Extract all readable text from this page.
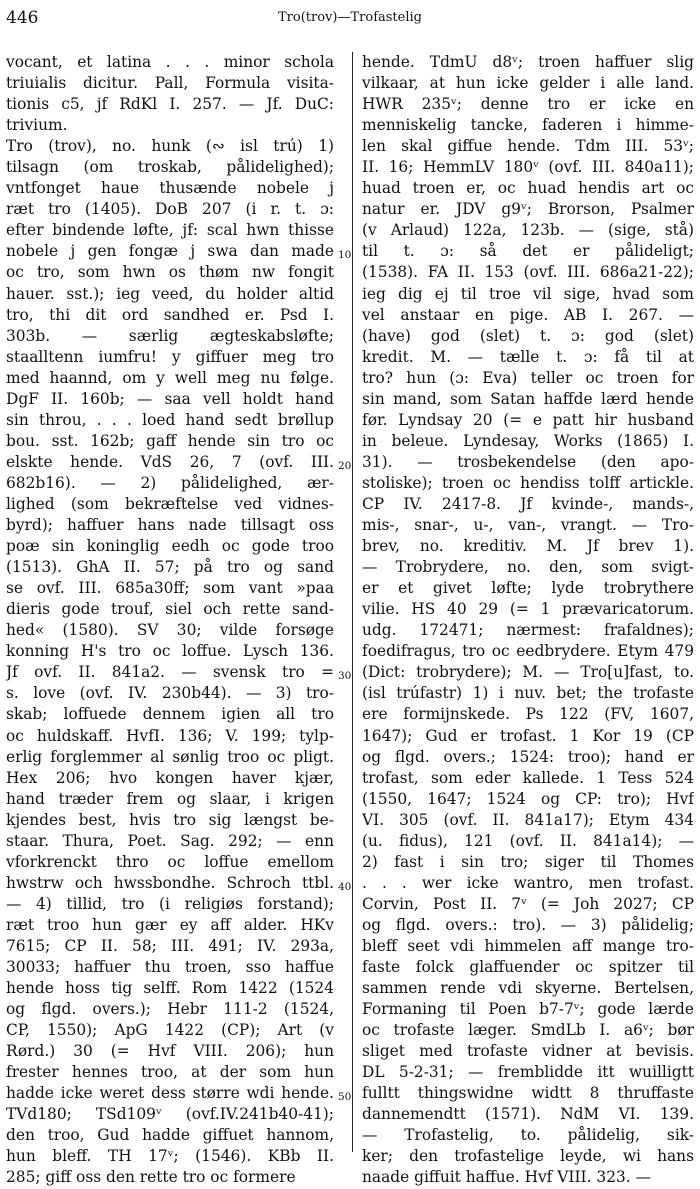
446	Tro(trov)—Trofastelig
vocant, et latina . . . minor schola
triuialis dicitur. Pall, Formula visita-
tionis c5, jf RdKl I. 257. — Jf. DuC:
trivium.
Tro (trov), no. hunk (∾ isl trú) 1)
tilsagn (om troskab, pålidelighed);
vntfonget haue thusænde nobele j
ræt tro (1405). DoB 207 (i r. t. ɔ:
efter bindende løfte, jf: scal hwn thisse
nobele j gen fongæ j swa dan made
oc tro, som hwn os thøm nw fongit
hauer. sst.); ieg veed, du holder altid
tro, thi dit ord sandhed er. Psd I.
303b. — særlig ægteskabsløfte;
staalltenn iumfru! y giffuer meg tro
med haannd, om y well meg nu følge.
DgF II. 160b; — saa vell holdt hand
sin throu, . . . loed hand sedt brøllup
bou. sst. 162b; gaff hende sin tro oc
elskte hende. VdS 26, 7 (ovf. III.
682b16). — 2) pålidelighed, ær-
lighed (som bekræftelse ved vidnes-
byrd); haffuer hans nade tillsagt oss
poæ sin koninglig eedh oc gode troo
(1513). GhA II. 57; på tro og sand
se ovf. III. 685a30ff; som vant »paa
dieris gode trouf, siel och rette sand-
hed« (1580). SV 30; vilde forsøge
konning H's tro oc loffue. Lysch 136.
Jf ovf. II. 841a2. — svensk tro =
s. love (ovf. IV. 230b44). — 3) tro-
skab; loffuede dennem igien all tro
oc huldskaff. HvfI. 136; V. 199; tylp-
erlig forglemmer al sønlig troo oc pligt.
Hex 206; hvo kongen haver kjær,
hand træder frem og slaar, i krigen
kjendes best, hvis tro sig længst be-
staar. Thura, Poet. Sag. 292; — enn
vforkrenckt thro oc loffue emellom
hwstrw och hwssbondhe. Schroch ttbl.
— 4) tillid, tro (i religiøs forstand);
ræt troo hun gær ey aff alder. HKv
7615; CP II. 58; III. 491; IV. 293a,
30033; haffuer thu troen, sso haffue
hende hoss tig selff. Rom 1422 (1524
og flgd. overs.); Hebr 111-2 (1524,
CP, 1550); ApG 1422 (CP); Art (v
Rørd.) 30 (= Hvf VIII. 206); hun
frester hennes troo, at der som hun
hadde icke weret dess større wdi hende.
TVd180; TSd109ᵛ (ovf.IV.241b40-41);
den troo, Gud hadde giffuet hannom,
hun bleff. TH 17ᵛ; (1546). KBb II.
285; giff oss den rette tro oc formere
hende. TdmU d8ᵛ; troen haffuer slig
vilkaar, at hun icke gelder i alle land.
HWR 235ᵛ; denne tro er icke en
menniskelig tancke, faderen i himme-
len skal giffue hende. Tdm III. 53ᵛ;
II. 16; HemmLV 180ᵛ (ovf. III. 840a11);
huad troen er, oc huad hendis art oc
natur er. JDV g9ᵛ; Brorson, Psalmer
(v Arlaud) 122a, 123b. — (sige, stå)
til t. ɔ: så det er pålideligt;
(1538). FA II. 153 (ovf. III. 686a21-22);
ieg dig ej til troe vil sige, hvad som
vel anstaar en pige. AB I. 267. —
(have) god (slet) t. ɔ: god (slet)
kredit. M. — tælle t. ɔ: få til at
tro? hun (ɔ: Eva) teller oc troen for
sin mand, som Satan haffde lærd hende
før. Lyndsay 20 (= e patt hir husband
in beleue. Lyndesay, Works (1865) I.
31). — trosbekendelse (den apo-
stoliske); troen oc hendiss tolff artickle.
CP IV. 2417-8. Jf kvinde-, mands-,
mis-, snar-, u-, van-, vrangt. — Tro-
brev, no. kreditiv. M. Jf brev 1).
— Trobrydere, no. den, som svigt-
er et givet løfte; lyde trobrythere
vilie. HS 40 29 (= 1 prævaricatorum.
udg. 172471; nærmest: frafaldnes);
foedifragus, tro oc eedbrydere. Etym 479
(Dict: trobrydere); M. — Tro[u]fast, to.
(isl trúfastr) 1) i nuv. bet; the trofaste
ere formijnskede. Ps 122 (FV, 1607,
1647); Gud er trofast. 1 Kor 19 (CP
og flgd. overs.; 1524: troo); hand er
trofast, som eder kallede. 1 Tess 524
(1550, 1647; 1524 og CP: tro); Hvf
VI. 305 (ovf. II. 841a17); Etym 434
(u. fidus), 121 (ovf. II. 841a14); —
2) fast i sin tro; siger til Thomes
. . . wer icke wantro, men trofast.
Corvin, Post II. 7ᵛ (= Joh 2027; CP
og flgd. overs.: tro). — 3) pålidelig;
bleff seet vdi himmelen aff mange tro-
faste folck glaffuender oc spitzer til
sammen rende vdi skyerne. Bertelsen,
Formaning til Poen b7-7ᵛ; gode lærde
oc trofaste læger. SmdLb I. a6ᵛ; bør
sliget med trofaste vidner at bevisis.
DL 5-2-31; — fremblidde itt wuilligtt
fulltt thingswidne widtt 8 thruffaste
dannemendtt (1571). NdM VI. 139.
— Trofastelig, to. pålidelig, sik-
ker; den trofastelige leyde, wi hans
naade giffuit haffue. Hvf VIII. 323. —
10
20
30
40
50
